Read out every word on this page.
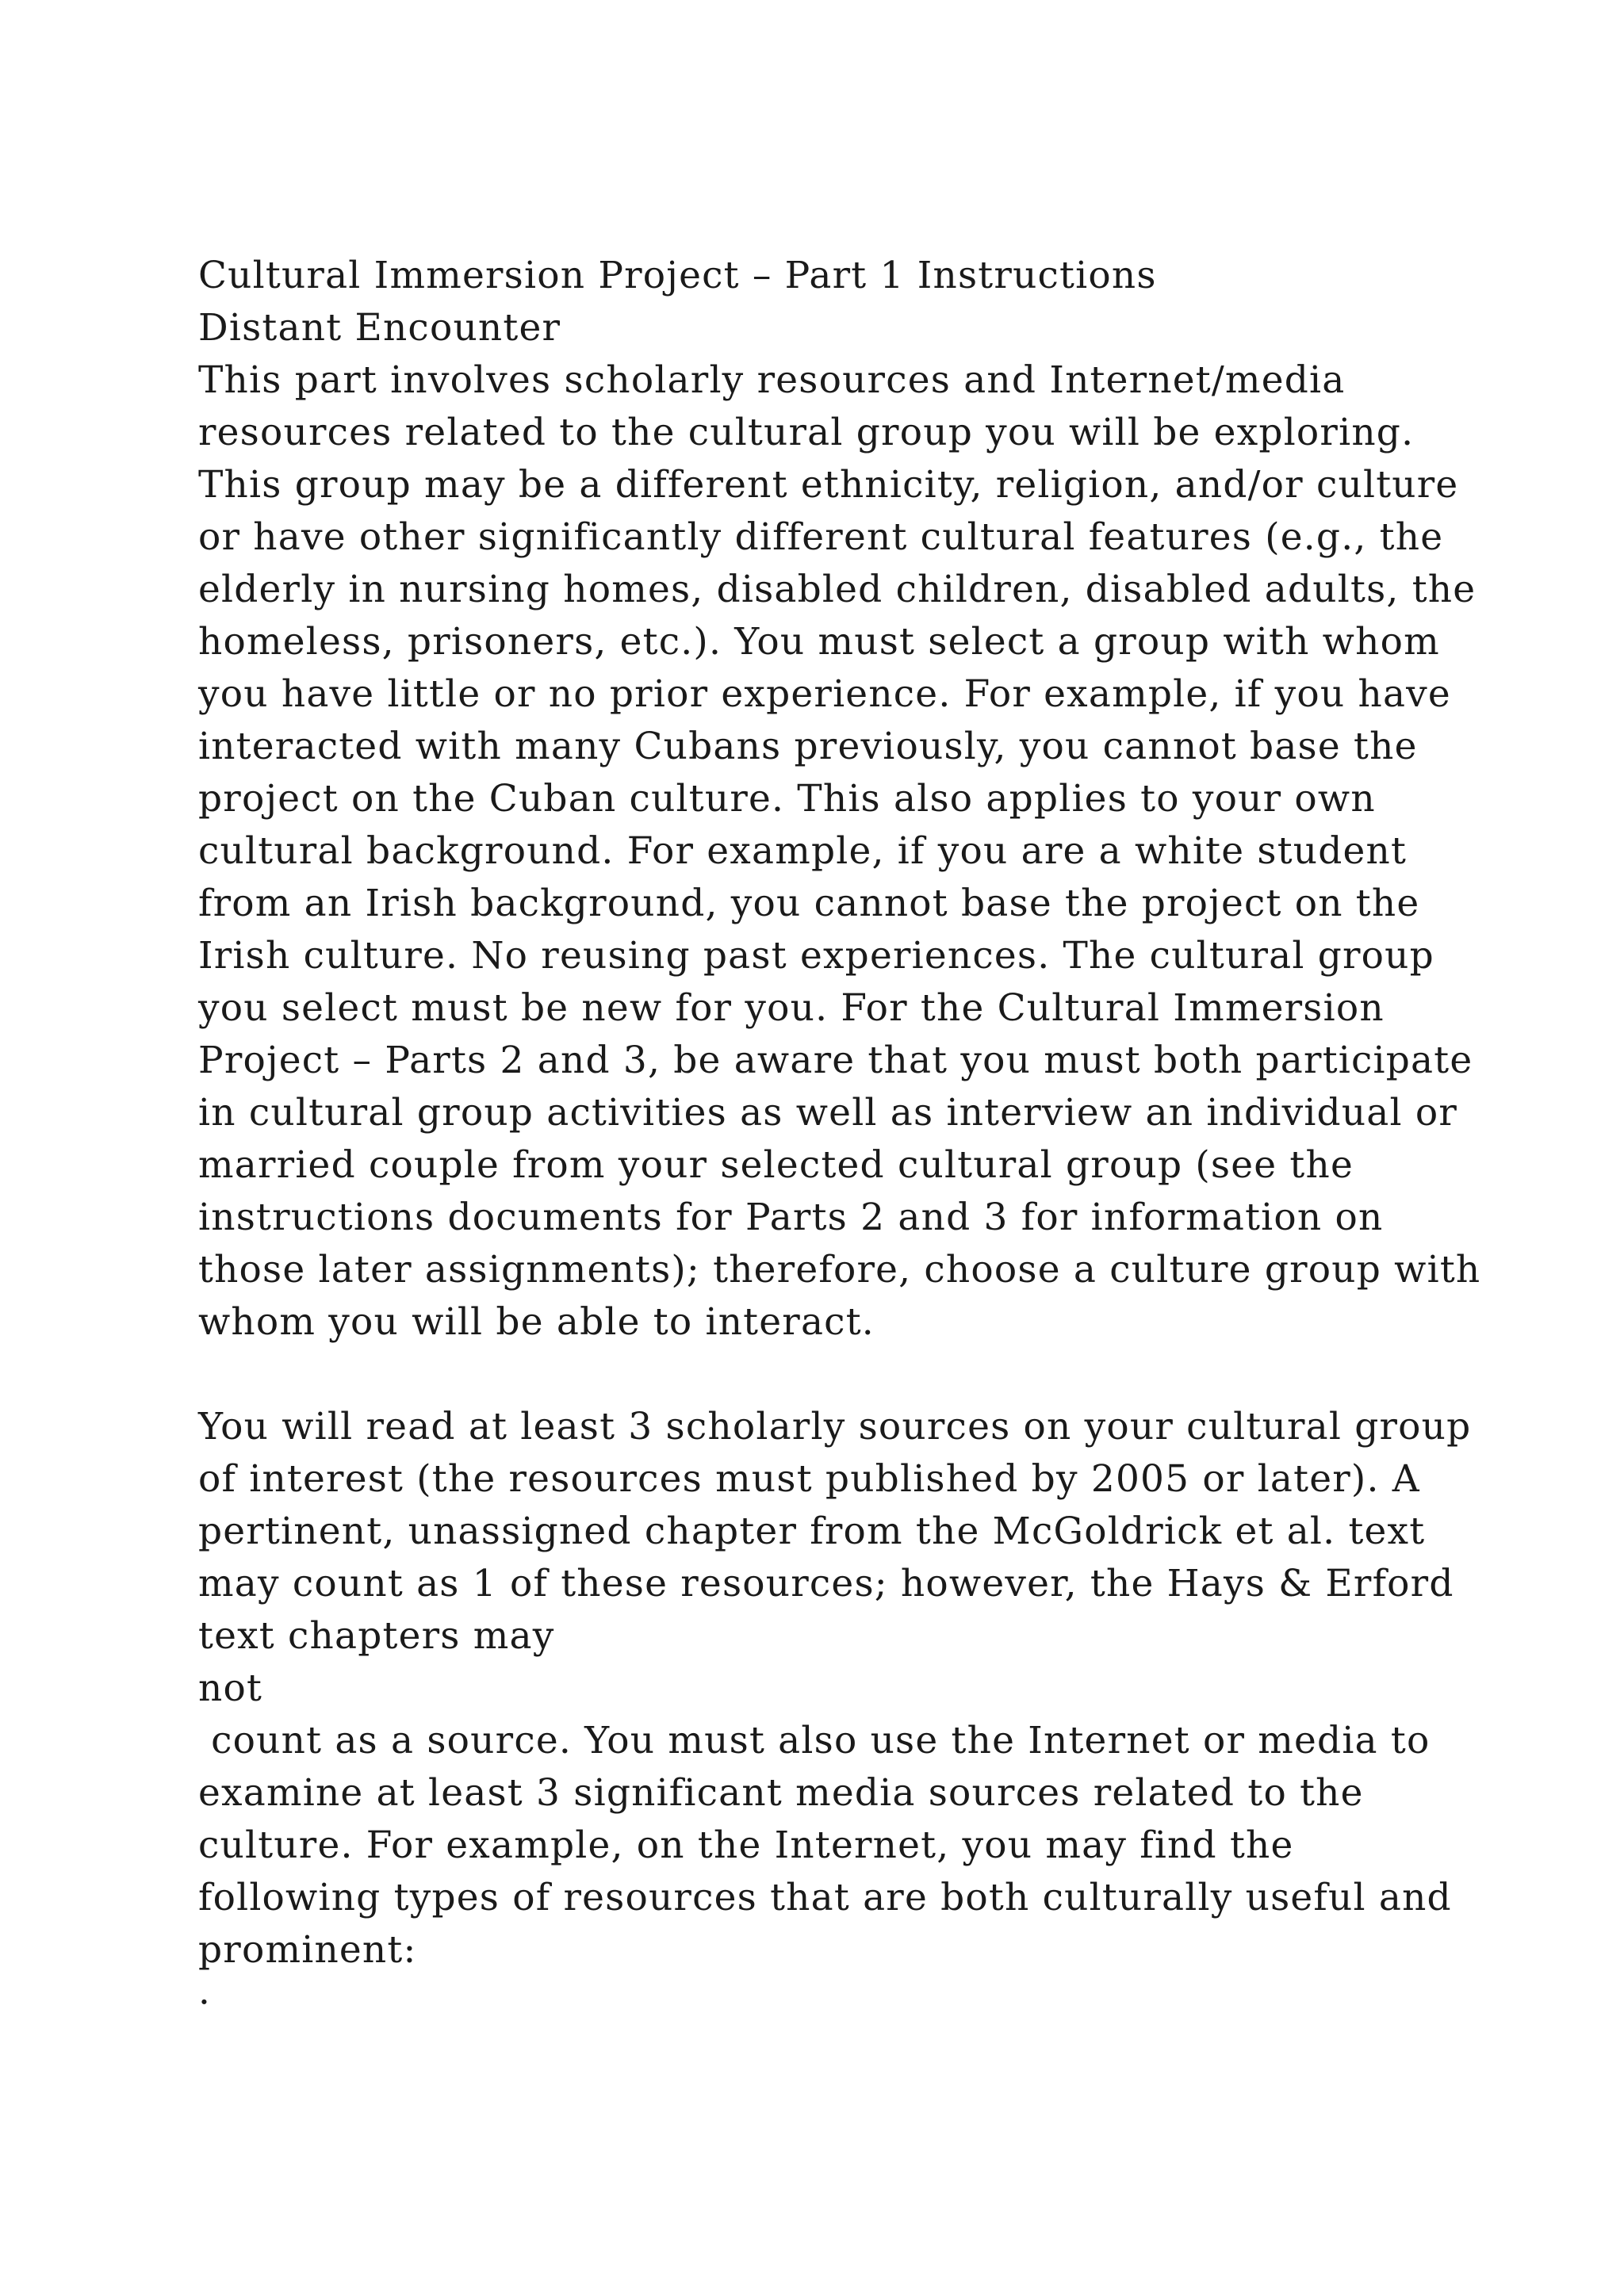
Cultural Immersion Project – Part 1 Instructions
Distant Encounter
This part involves scholarly resources and Internet/media
resources related to the cultural group you will be exploring.
This group may be a different ethnicity, religion, and/or culture
or have other significantly different cultural features (e.g., the
elderly in nursing homes, disabled children, disabled adults, the
homeless, prisoners, etc.). You must select a group with whom
you have little or no prior experience. For example, if you have
interacted with many Cubans previously, you cannot base the
project on the Cuban culture. This also applies to your own
cultural background. For example, if you are a white student
from an Irish background, you cannot base the project on the
Irish culture. No reusing past experiences. The cultural group
you select must be new for you. For the Cultural Immersion
Project – Parts 2 and 3, be aware that you must both participate
in cultural group activities as well as interview an individual or
married couple from your selected cultural group (see the
instructions documents for Parts 2 and 3 for information on
those later assignments); therefore, choose a culture group with
whom you will be able to interact.
You will read at least 3 scholarly sources on your cultural group
of interest (the resources must published by 2005 or later). A
pertinent, unassigned chapter from the McGoldrick et al. text
may count as 1 of these resources; however, the Hays & Erford
text chapters may
not
count as a source. You must also use the Internet or media to
examine at least 3 significant media sources related to the
culture. For example, on the Internet, you may find the
following types of resources that are both culturally useful and
prominent:
·
